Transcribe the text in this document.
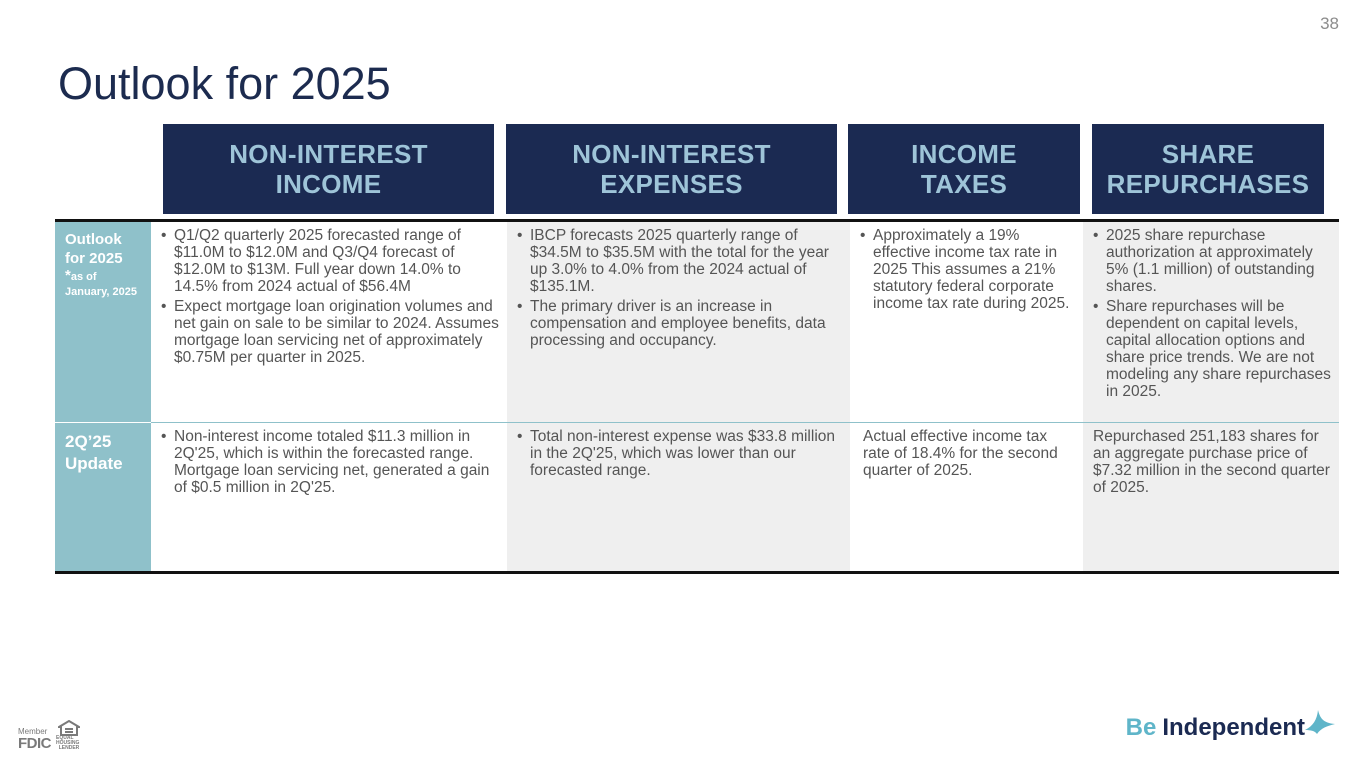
38
Outlook for 2025
NON-INTEREST
INCOME
NON-INTEREST
EXPENSES
INCOME
TAXES
SHARE
REPURCHASES
Outlook for 2025
*as of January, 2025
• Q1/Q2 quarterly 2025 forecasted range of $11.0M to $12.0M and Q3/Q4 forecast of $12.0M to $13M. Full year down 14.0% to 14.5% from 2024 actual of $56.4M
• Expect mortgage loan origination volumes and net gain on sale to be similar to 2024. Assumes mortgage loan servicing net of approximately $0.75M per quarter in 2025.
• IBCP forecasts 2025 quarterly range of $34.5M to $35.5M with the total for the year up 3.0% to 4.0% from the 2024 actual of $135.1M.
• The primary driver is an increase in compensation and employee benefits, data processing and occupancy.
• Approximately a 19% effective income tax rate in 2025 This assumes a 21% statutory federal corporate income tax rate during 2025.
• 2025 share repurchase authorization at approximately 5% (1.1 million) of outstanding shares.
• Share repurchases will be dependent on capital levels, capital allocation options and share price trends. We are not modeling any share repurchases in 2025.
2Q’25 Update
• Non-interest income totaled $11.3 million in 2Q'25, which is within the forecasted range. Mortgage loan servicing net, generated a gain of $0.5 million in 2Q'25.
• Total non-interest expense was $33.8 million in the 2Q'25, which was lower than our forecasted range.
Actual effective income tax rate of 18.4% for the second quarter of 2025.
Repurchased 251,183 shares for an aggregate purchase price of $7.32 million in the second quarter of 2025.
Member
FDIC EQUAL HOUSING
LENDER
Be Independent
